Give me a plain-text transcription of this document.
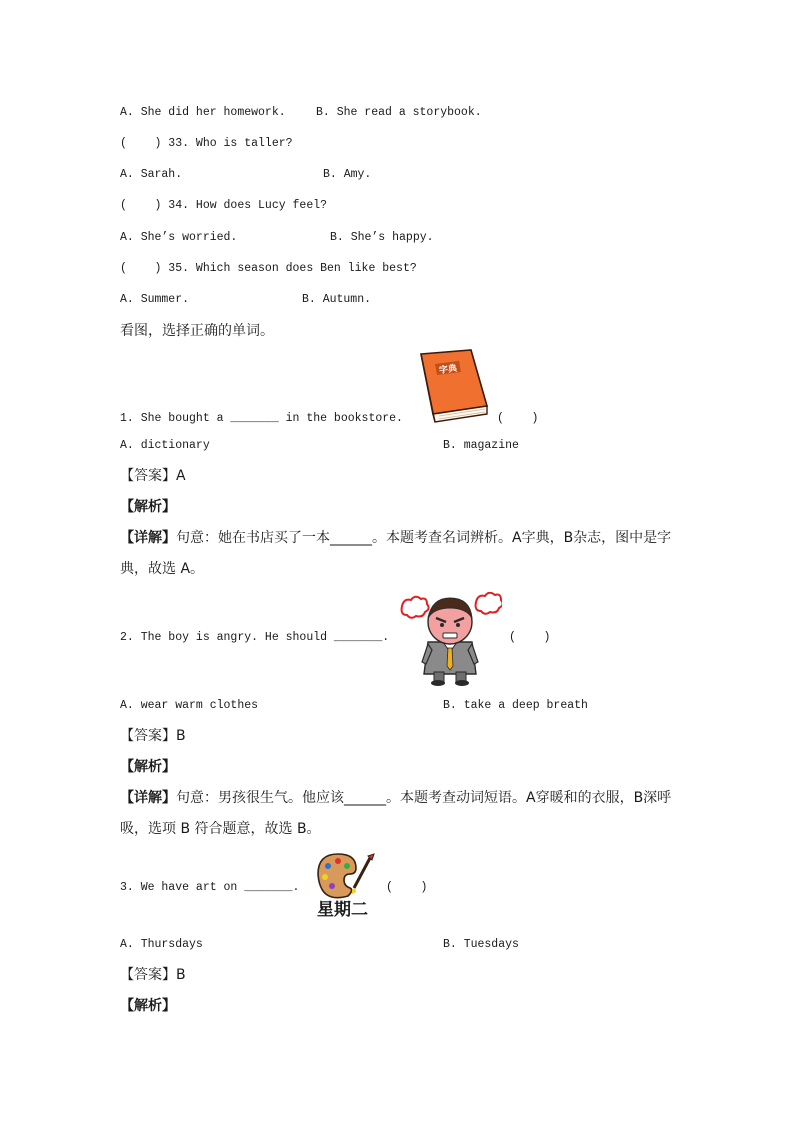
A. She did her homework.	B. She read a storybook.
(    ) 33. Who is taller?
A. Sarah.	B. Amy.
(    ) 34. How does Lucy feel?
A. She’s worried.	B. She’s happy.
(    ) 35. Which season does Ben like best?
A. Summer.	B. Autumn.
看图，选择正确的单词。
字典
1. She bought a _______ in the bookstore.	(    )
A. dictionary	B. magazine
【答案】A
【解析】
【详解】句意：她在书店买了一本______。本题考查名词辨析。A字典，B杂志，图中是字
典，故选 A。
2. The boy is angry. He should _______.	(    )
A. wear warm clothes	B. take a deep breath
【答案】B
【解析】
【详解】句意：男孩很生气。他应该______。本题考查动词短语。A穿暖和的衣服，B深呼
吸，选项 B 符合题意，故选 B。
星期二
3. We have art on _______.	(    )
A. Thursdays	B. Tuesdays
【答案】B
【解析】
